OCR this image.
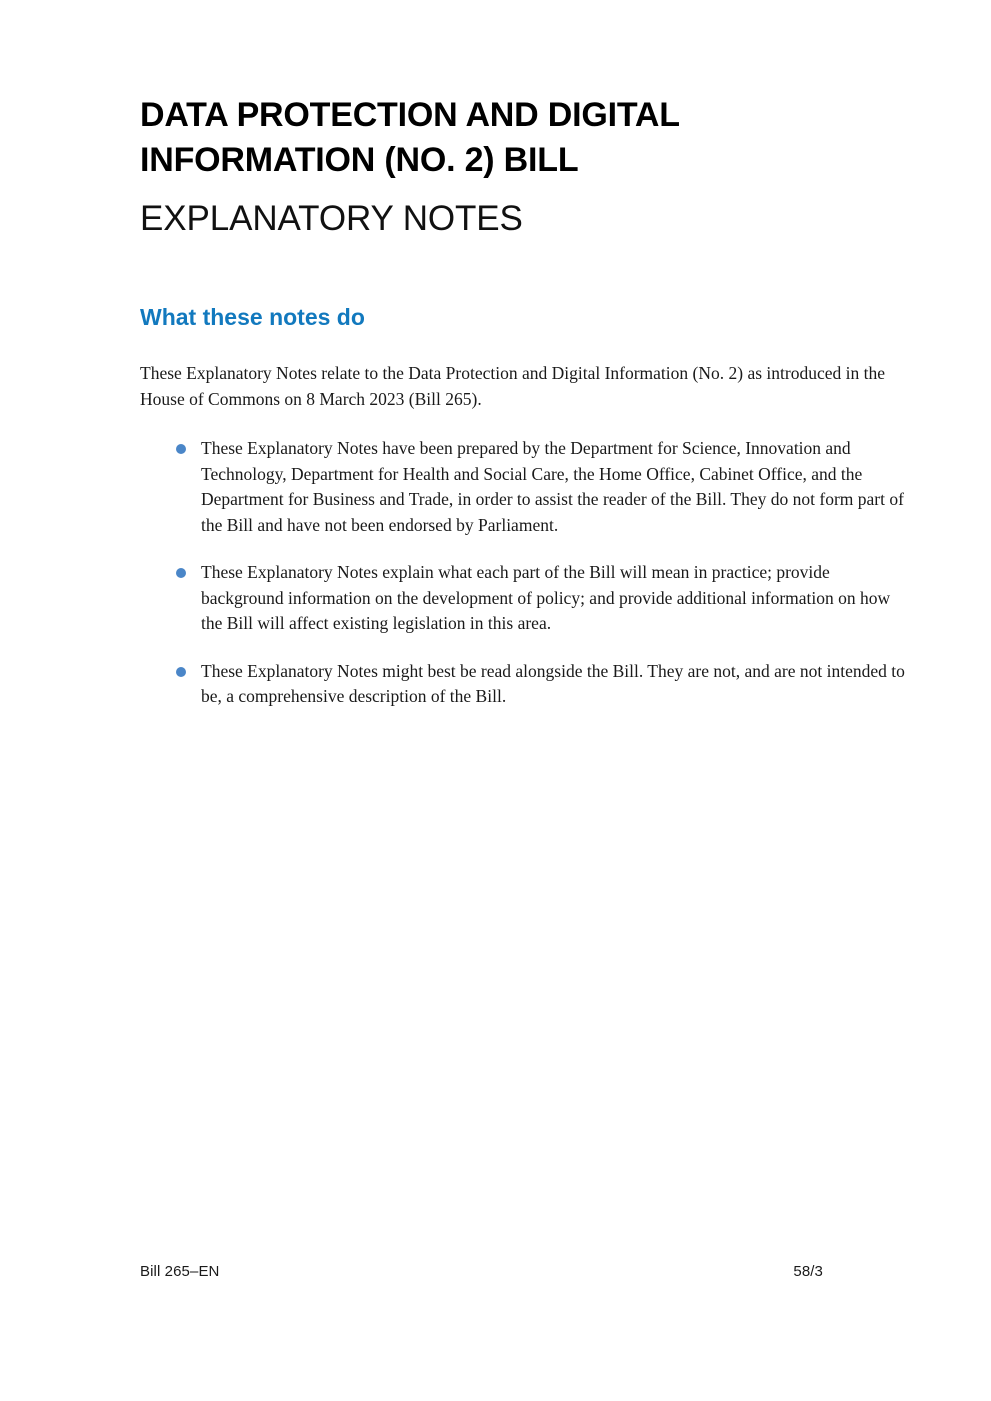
DATA PROTECTION AND DIGITAL INFORMATION (NO. 2) BILL
EXPLANATORY NOTES
What these notes do

These Explanatory Notes relate to the Data Protection and Digital Information (No. 2) as introduced in the House of Commons on 8 March 2023 (Bill 265).

These Explanatory Notes have been prepared by the Department for Science, Innovation and Technology, Department for Health and Social Care, the Home Office, Cabinet Office, and the Department for Business and Trade, in order to assist the reader of the Bill. They do not form part of the Bill and have not been endorsed by Parliament.
These Explanatory Notes explain what each part of the Bill will mean in practice; provide background information on the development of policy; and provide additional information on how the Bill will affect existing legislation in this area.
These Explanatory Notes might best be read alongside the Bill. They are not, and are not intended to be, a comprehensive description of the Bill.
Bill 265–EN	58/3
